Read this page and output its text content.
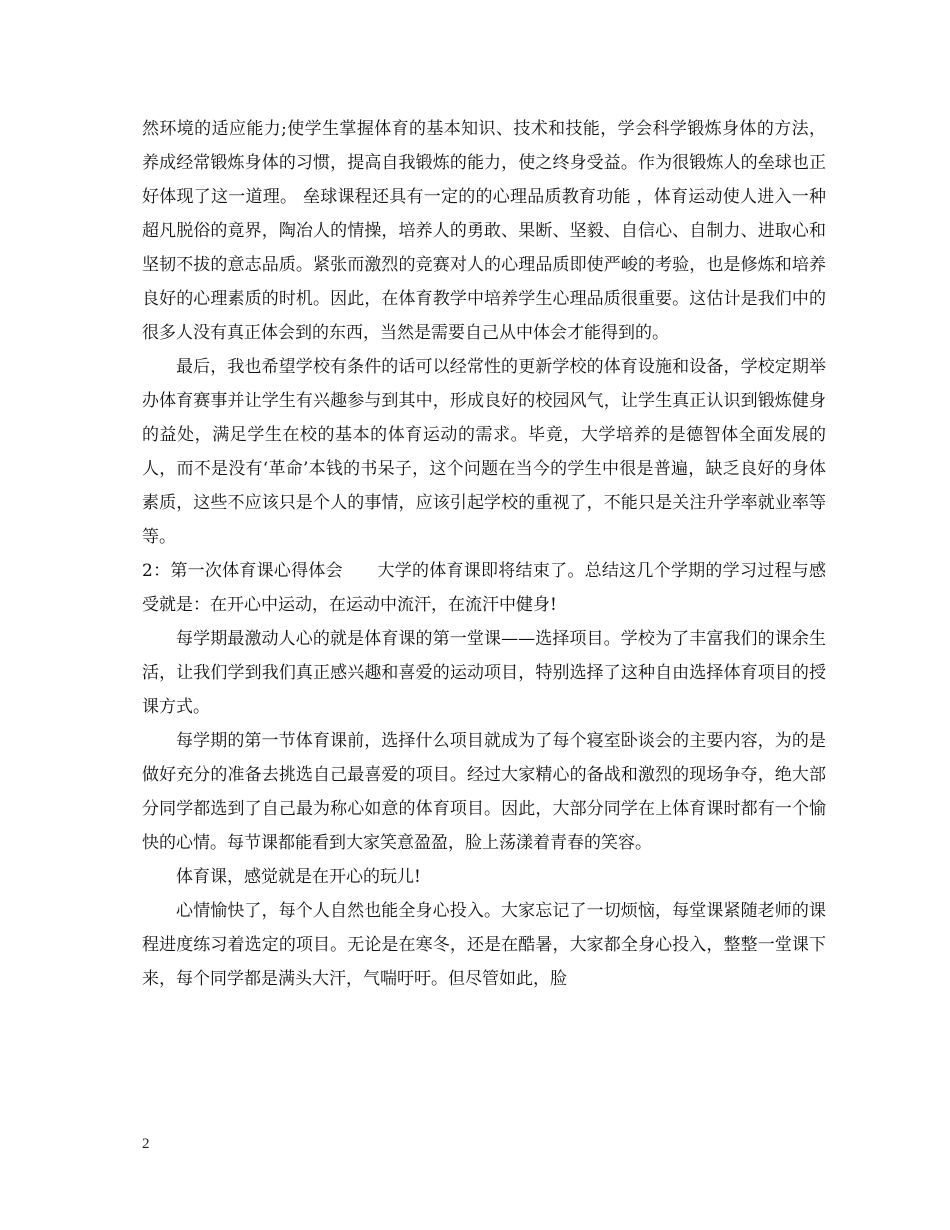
然环境的适应能力;使学生掌握体育的基本知识、技术和技能，学会科学锻炼身体的方法，养成经常锻炼身体的习惯，提高自我锻炼的能力，使之终身受益。作为很锻炼人的垒球也正好体现了这一道理。 垒球课程还具有一定的的心理品质教育功能 ，体育运动使人进入一种超凡脱俗的竟界，陶冶人的情操，培养人的勇敢、果断、坚毅、自信心、自制力、进取心和坚韧不拔的意志品质。紧张而激烈的竞赛对人的心理品质即使严峻的考验，也是修炼和培养良好的心理素质的时机。因此，在体育教学中培养学生心理品质很重要。这估计是我们中的很多人没有真正体会到的东西，当然是需要自己从中体会才能得到的。

最后，我也希望学校有条件的话可以经常性的更新学校的体育设施和设备，学校定期举办体育赛事并让学生有兴趣参与到其中，形成良好的校园风气，让学生真正认识到锻炼健身的益处，满足学生在校的基本的体育运动的需求。毕竟，大学培养的是德智体全面发展的人，而不是没有‘革命’本钱的书呆子，这个问题在当今的学生中很是普遍，缺乏良好的身体素质，这些不应该只是个人的事情，应该引起学校的重视了，不能只是关注升学率就业率等等。

2：第一次体育课心得体会　　大学的体育课即将结束了。总结这几个学期的学习过程与感受就是：在开心中运动，在运动中流汗，在流汗中健身!

每学期最激动人心的就是体育课的第一堂课——选择项目。学校为了丰富我们的课余生活，让我们学到我们真正感兴趣和喜爱的运动项目，特别选择了这种自由选择体育项目的授课方式。

每学期的第一节体育课前，选择什么项目就成为了每个寝室卧谈会的主要内容，为的是做好充分的准备去挑选自己最喜爱的项目。经过大家精心的备战和激烈的现场争夺，绝大部分同学都选到了自己最为称心如意的体育项目。因此，大部分同学在上体育课时都有一个愉快的心情。每节课都能看到大家笑意盈盈，脸上荡漾着青春的笑容。

体育课，感觉就是在开心的玩儿!

心情愉快了，每个人自然也能全身心投入。大家忘记了一切烦恼，每堂课紧随老师的课程进度练习着选定的项目。无论是在寒冬，还是在酷暑，大家都全身心投入，整整一堂课下来，每个同学都是满头大汗，气喘吁吁。但尽管如此，脸

2
